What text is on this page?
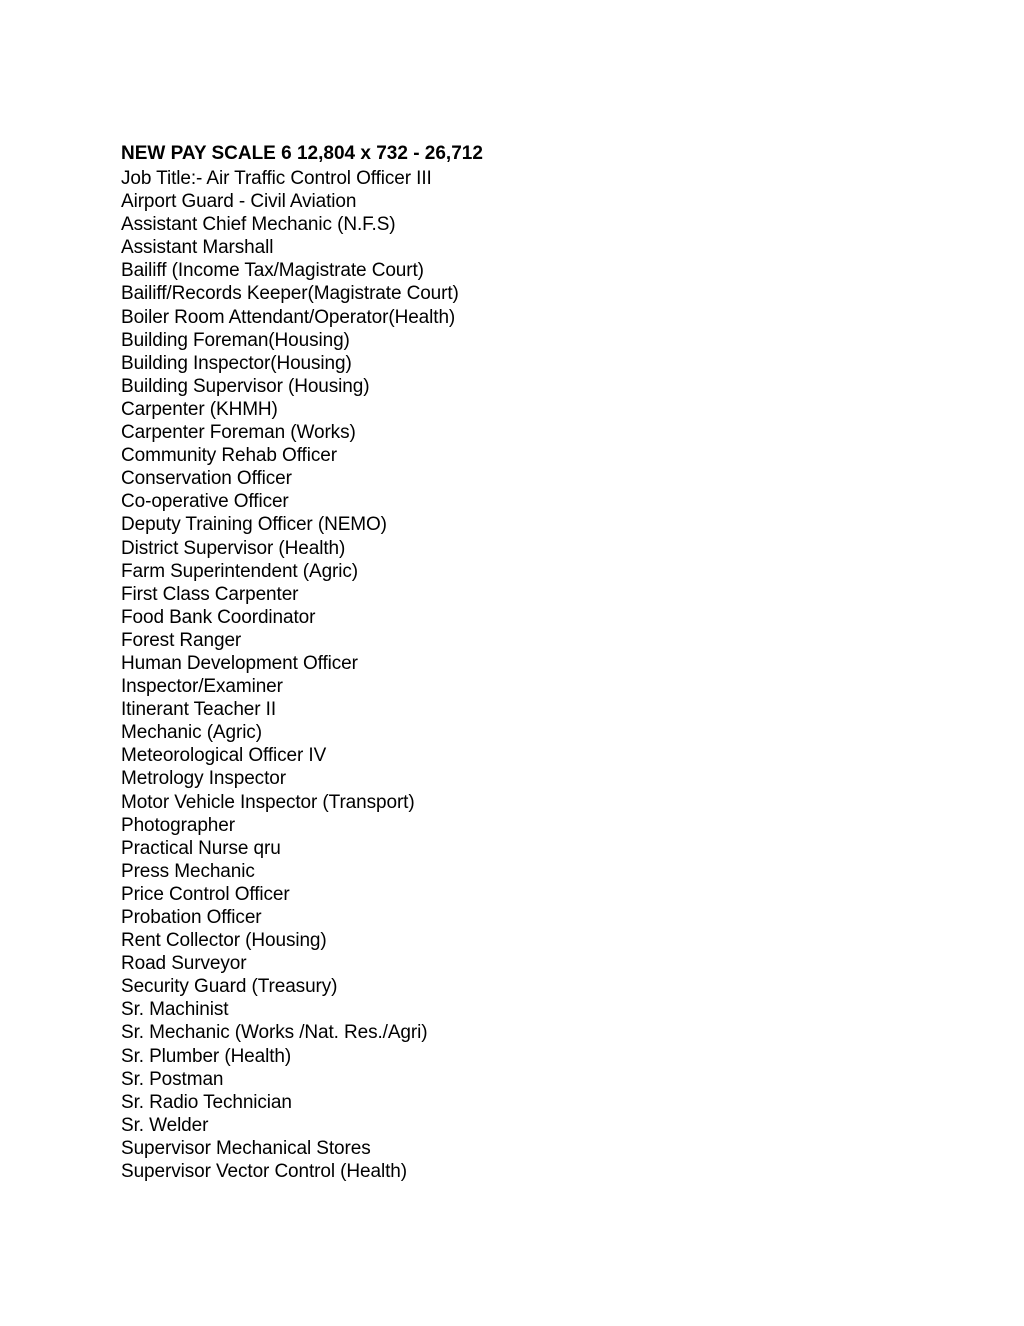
NEW PAY SCALE 6 12,804 x 732 - 26,712

Job Title:- Air Traffic Control Officer III
Airport Guard - Civil Aviation
Assistant Chief Mechanic (N.F.S)
Assistant Marshall
Bailiff (Income Tax/Magistrate Court)
Bailiff/Records Keeper(Magistrate Court)
Boiler Room Attendant/Operator(Health)
Building Foreman(Housing)
Building Inspector(Housing)
Building Supervisor (Housing)
Carpenter (KHMH)
Carpenter Foreman (Works)
Community Rehab Officer
Conservation Officer
Co-operative Officer
Deputy Training Officer (NEMO)
District Supervisor (Health)
Farm Superintendent (Agric)
First Class Carpenter
Food Bank Coordinator
Forest Ranger
Human Development Officer
Inspector/Examiner
Itinerant Teacher II
Mechanic (Agric)
Meteorological Officer IV
Metrology Inspector
Motor Vehicle Inspector (Transport)
Photographer
Practical Nurse qru
Press Mechanic
Price Control Officer
Probation Officer
Rent Collector (Housing)
Road Surveyor
Security Guard (Treasury)
Sr. Machinist
Sr. Mechanic (Works /Nat. Res./Agri)
Sr. Plumber (Health)
Sr. Postman
Sr. Radio Technician
Sr. Welder
Supervisor Mechanical Stores
Supervisor Vector Control (Health)
